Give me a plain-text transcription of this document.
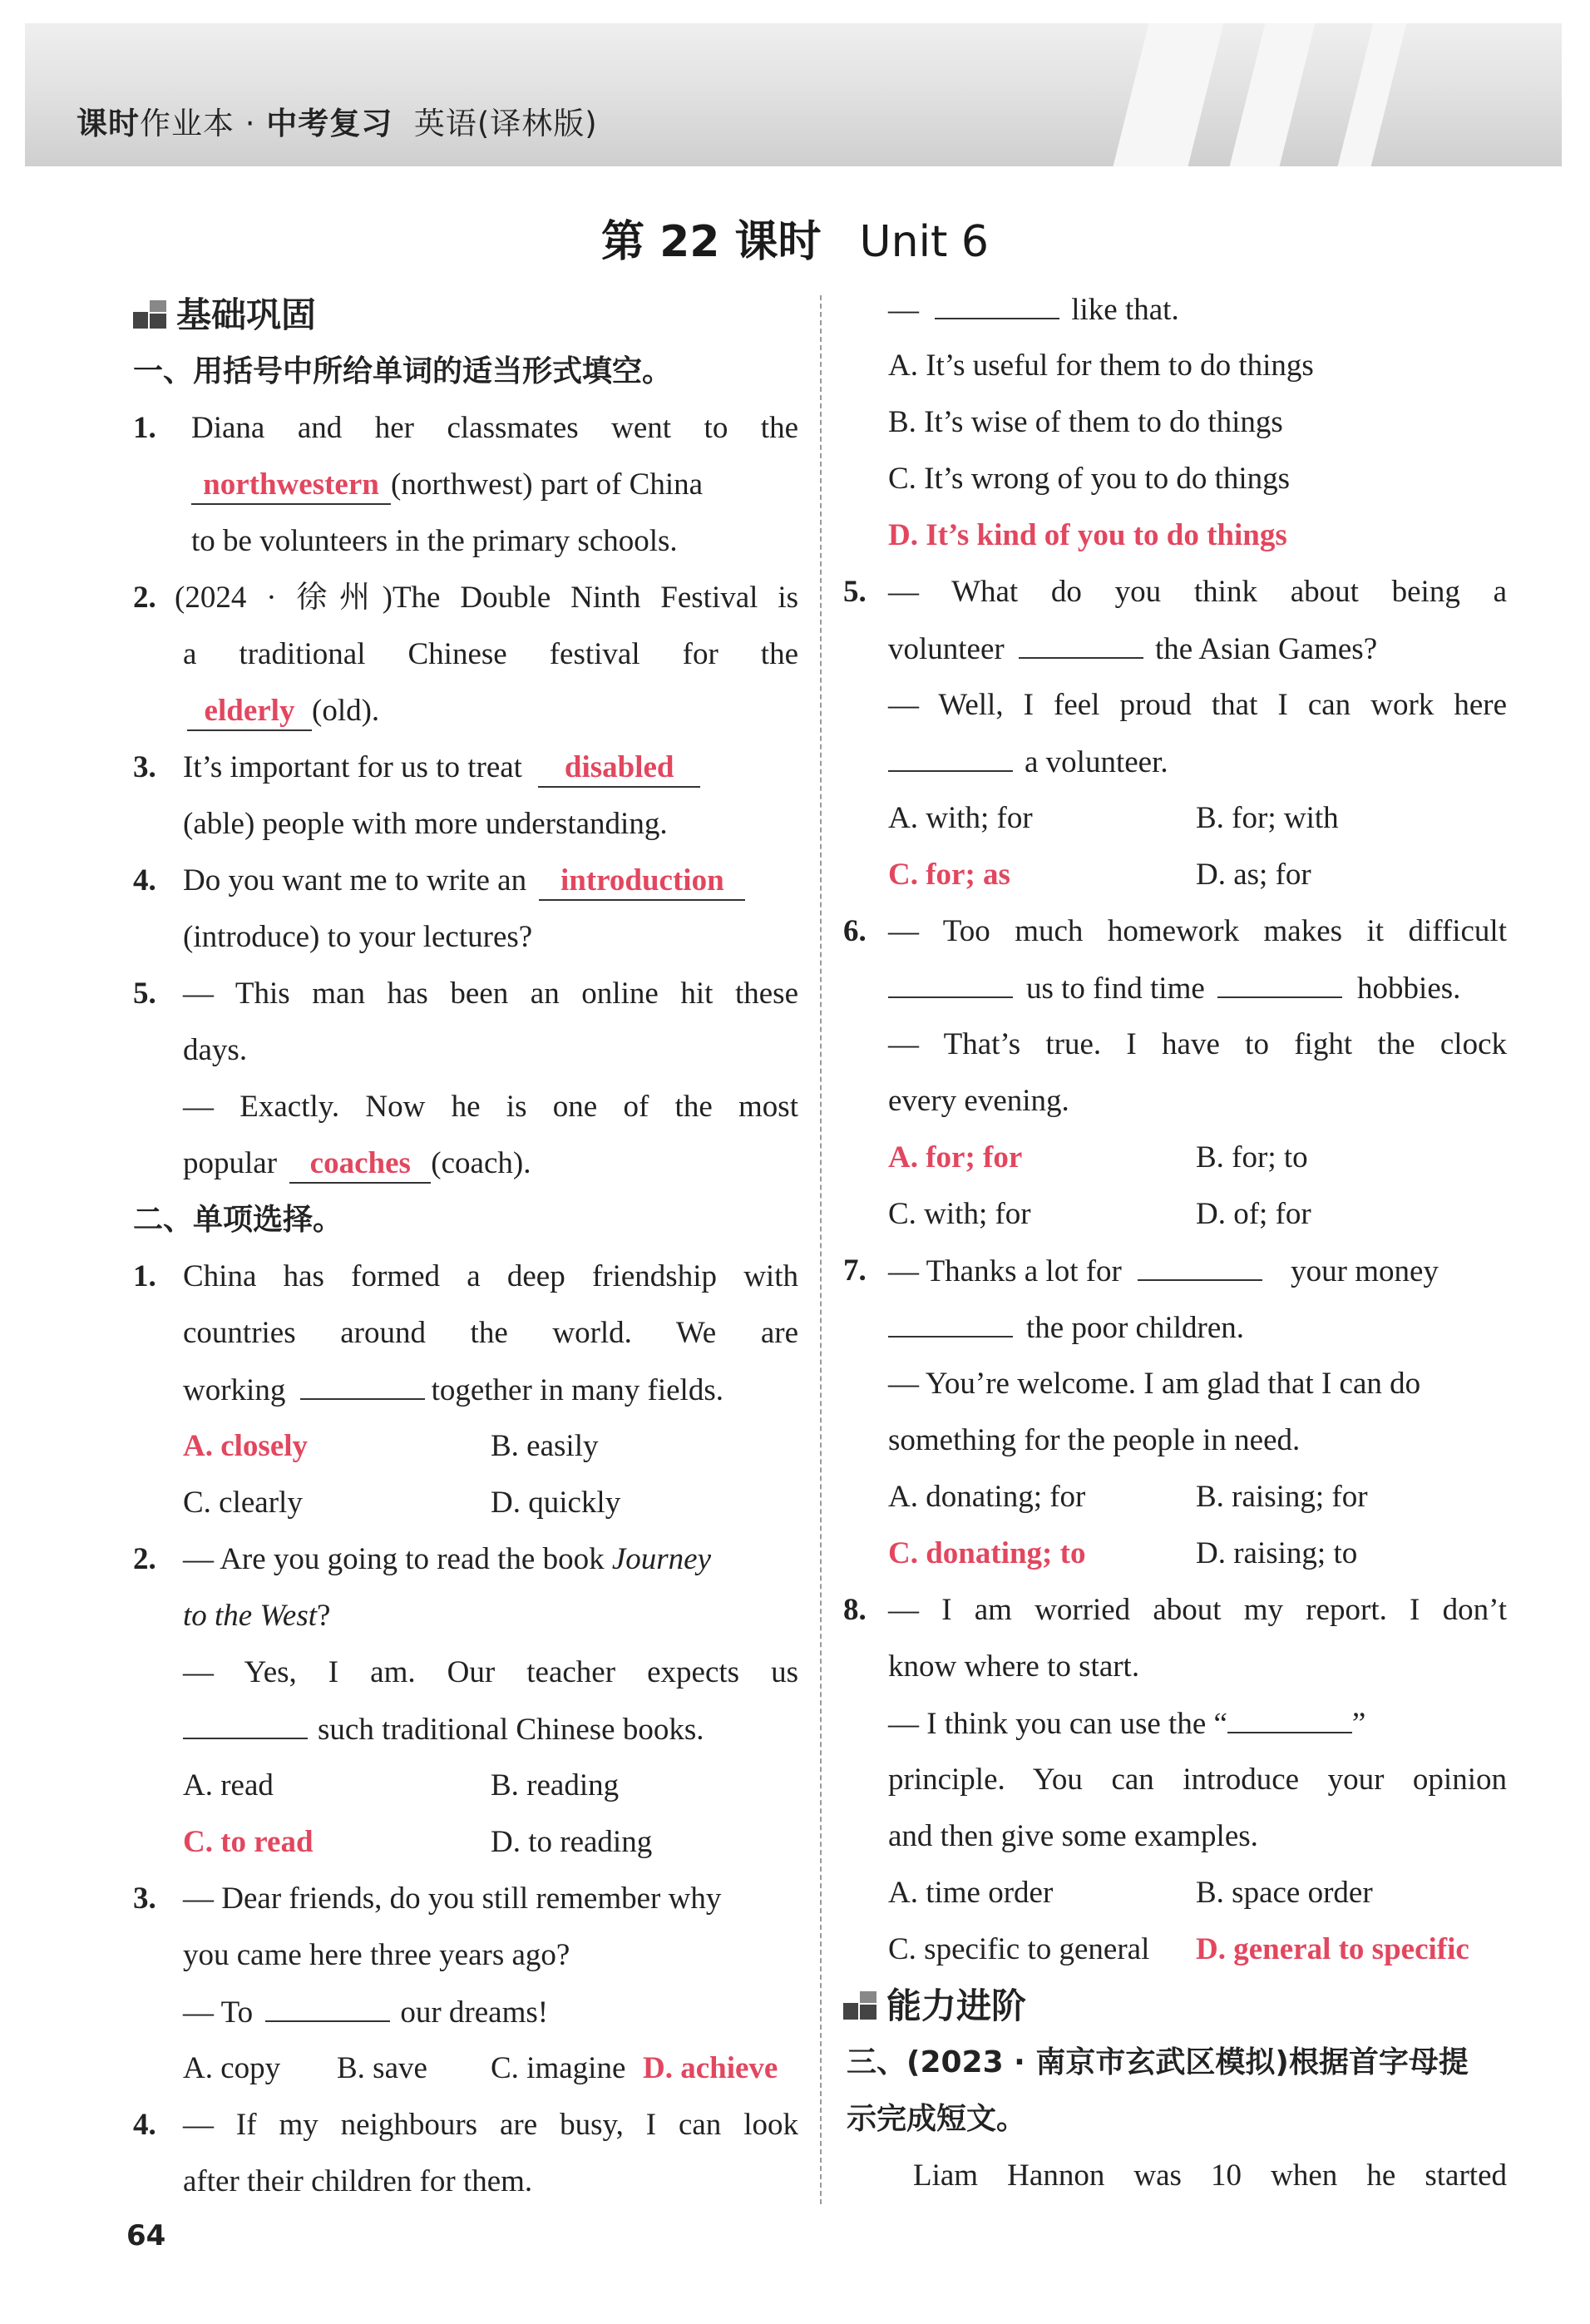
课时作业本 · 中考复习 英语(译林版)
第 22 课时 Unit 6
基础巩固
一、用括号中所给单词的适当形式填空。
Diana and her classmates went to the
1.
northwestern (northwest) part of China
to be volunteers in the primary schools.
2. (2024 · 徐州)The Double Ninth Festival is
a traditional Chinese festival for the
elderly (old).
3. It’s important for us to treat disabled
(able) people with more understanding.
4. Do you want me to write an introduction
(introduce) to your lectures?
5. — This man has been an online hit these
days.
— Exactly. Now he is one of the most
popular coaches (coach).
二、单项选择。
1. China has formed a deep friendship with
countries around the world. We are
working	together in many fields.
A. closely	B. easily
C. clearly	D. quickly
2. — Are you going to read the book Journey
to the West?
— Yes, I am. Our teacher expects us
such traditional Chinese books.
A. read	B. reading
C. to read	D. to reading
3. — Dear friends, do you still remember why
you came here three years ago?
— To	our dreams!
A. copy B. save C. imagine D. achieve
4. — If my neighbours are busy, I can look
after their children for them.
—	like that.
A. It’s useful for them to do things
B. It’s wise of them to do things
C. It’s wrong of you to do things
D. It’s kind of you to do things
5. — What do you think about being a
volunteer	the Asian Games?
— Well, I feel proud that I can work here
a volunteer.
A. with; for	B. for; with
C. for; as	D. as; for
6. — Too much homework makes it difficult
us to find time	hobbies.
— That’s true. I have to fight the clock
every evening.
A. for; for	B. for; to
C. with; for	D. of; for
7. — Thanks a lot for	your money
the poor children.
— You’re welcome. I am glad that I can do
something for the people in need.
A. donating; for	B. raising; for
C. donating; to	D. raising; to
8. — I am worried about my report. I don’t
know where to start.
— I think you can use the “	”
principle. You can introduce your opinion
and then give some examples.
A. time order	B. space order
C. specific to general D. general to specific
能力进阶
三、(2023 · 南京市玄武区模拟)根据首字母提
示完成短文。
Liam Hannon was 10 when he started
64
